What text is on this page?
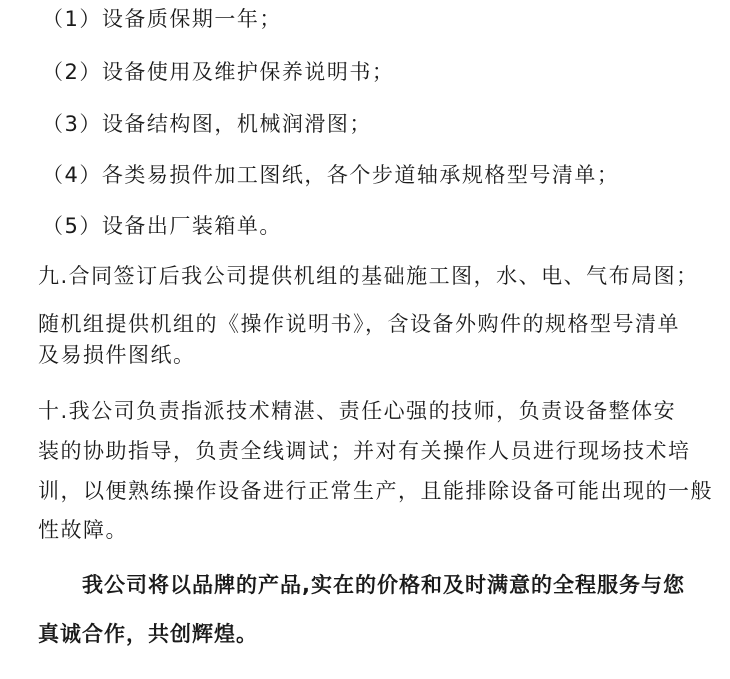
（1）设备质保期一年；
（2）设备使用及维护保养说明书；
（3）设备结构图，机械润滑图；
（4）各类易损件加工图纸，各个步道轴承规格型号清单；
（5）设备出厂装箱单。
九.合同签订后我公司提供机组的基础施工图，水、电、气布局图；
随机组提供机组的《操作说明书》，含设备外购件的规格型号清单
及易损件图纸。
十.我公司负责指派技术精湛、责任心强的技师，负责设备整体安
装的协助指导，负责全线调试；并对有关操作人员进行现场技术培
训，以便熟练操作设备进行正常生产，且能排除设备可能出现的一般
性故障。
我公司将以品牌的产品,实在的价格和及时满意的全程服务与您
真诚合作，共创辉煌。
